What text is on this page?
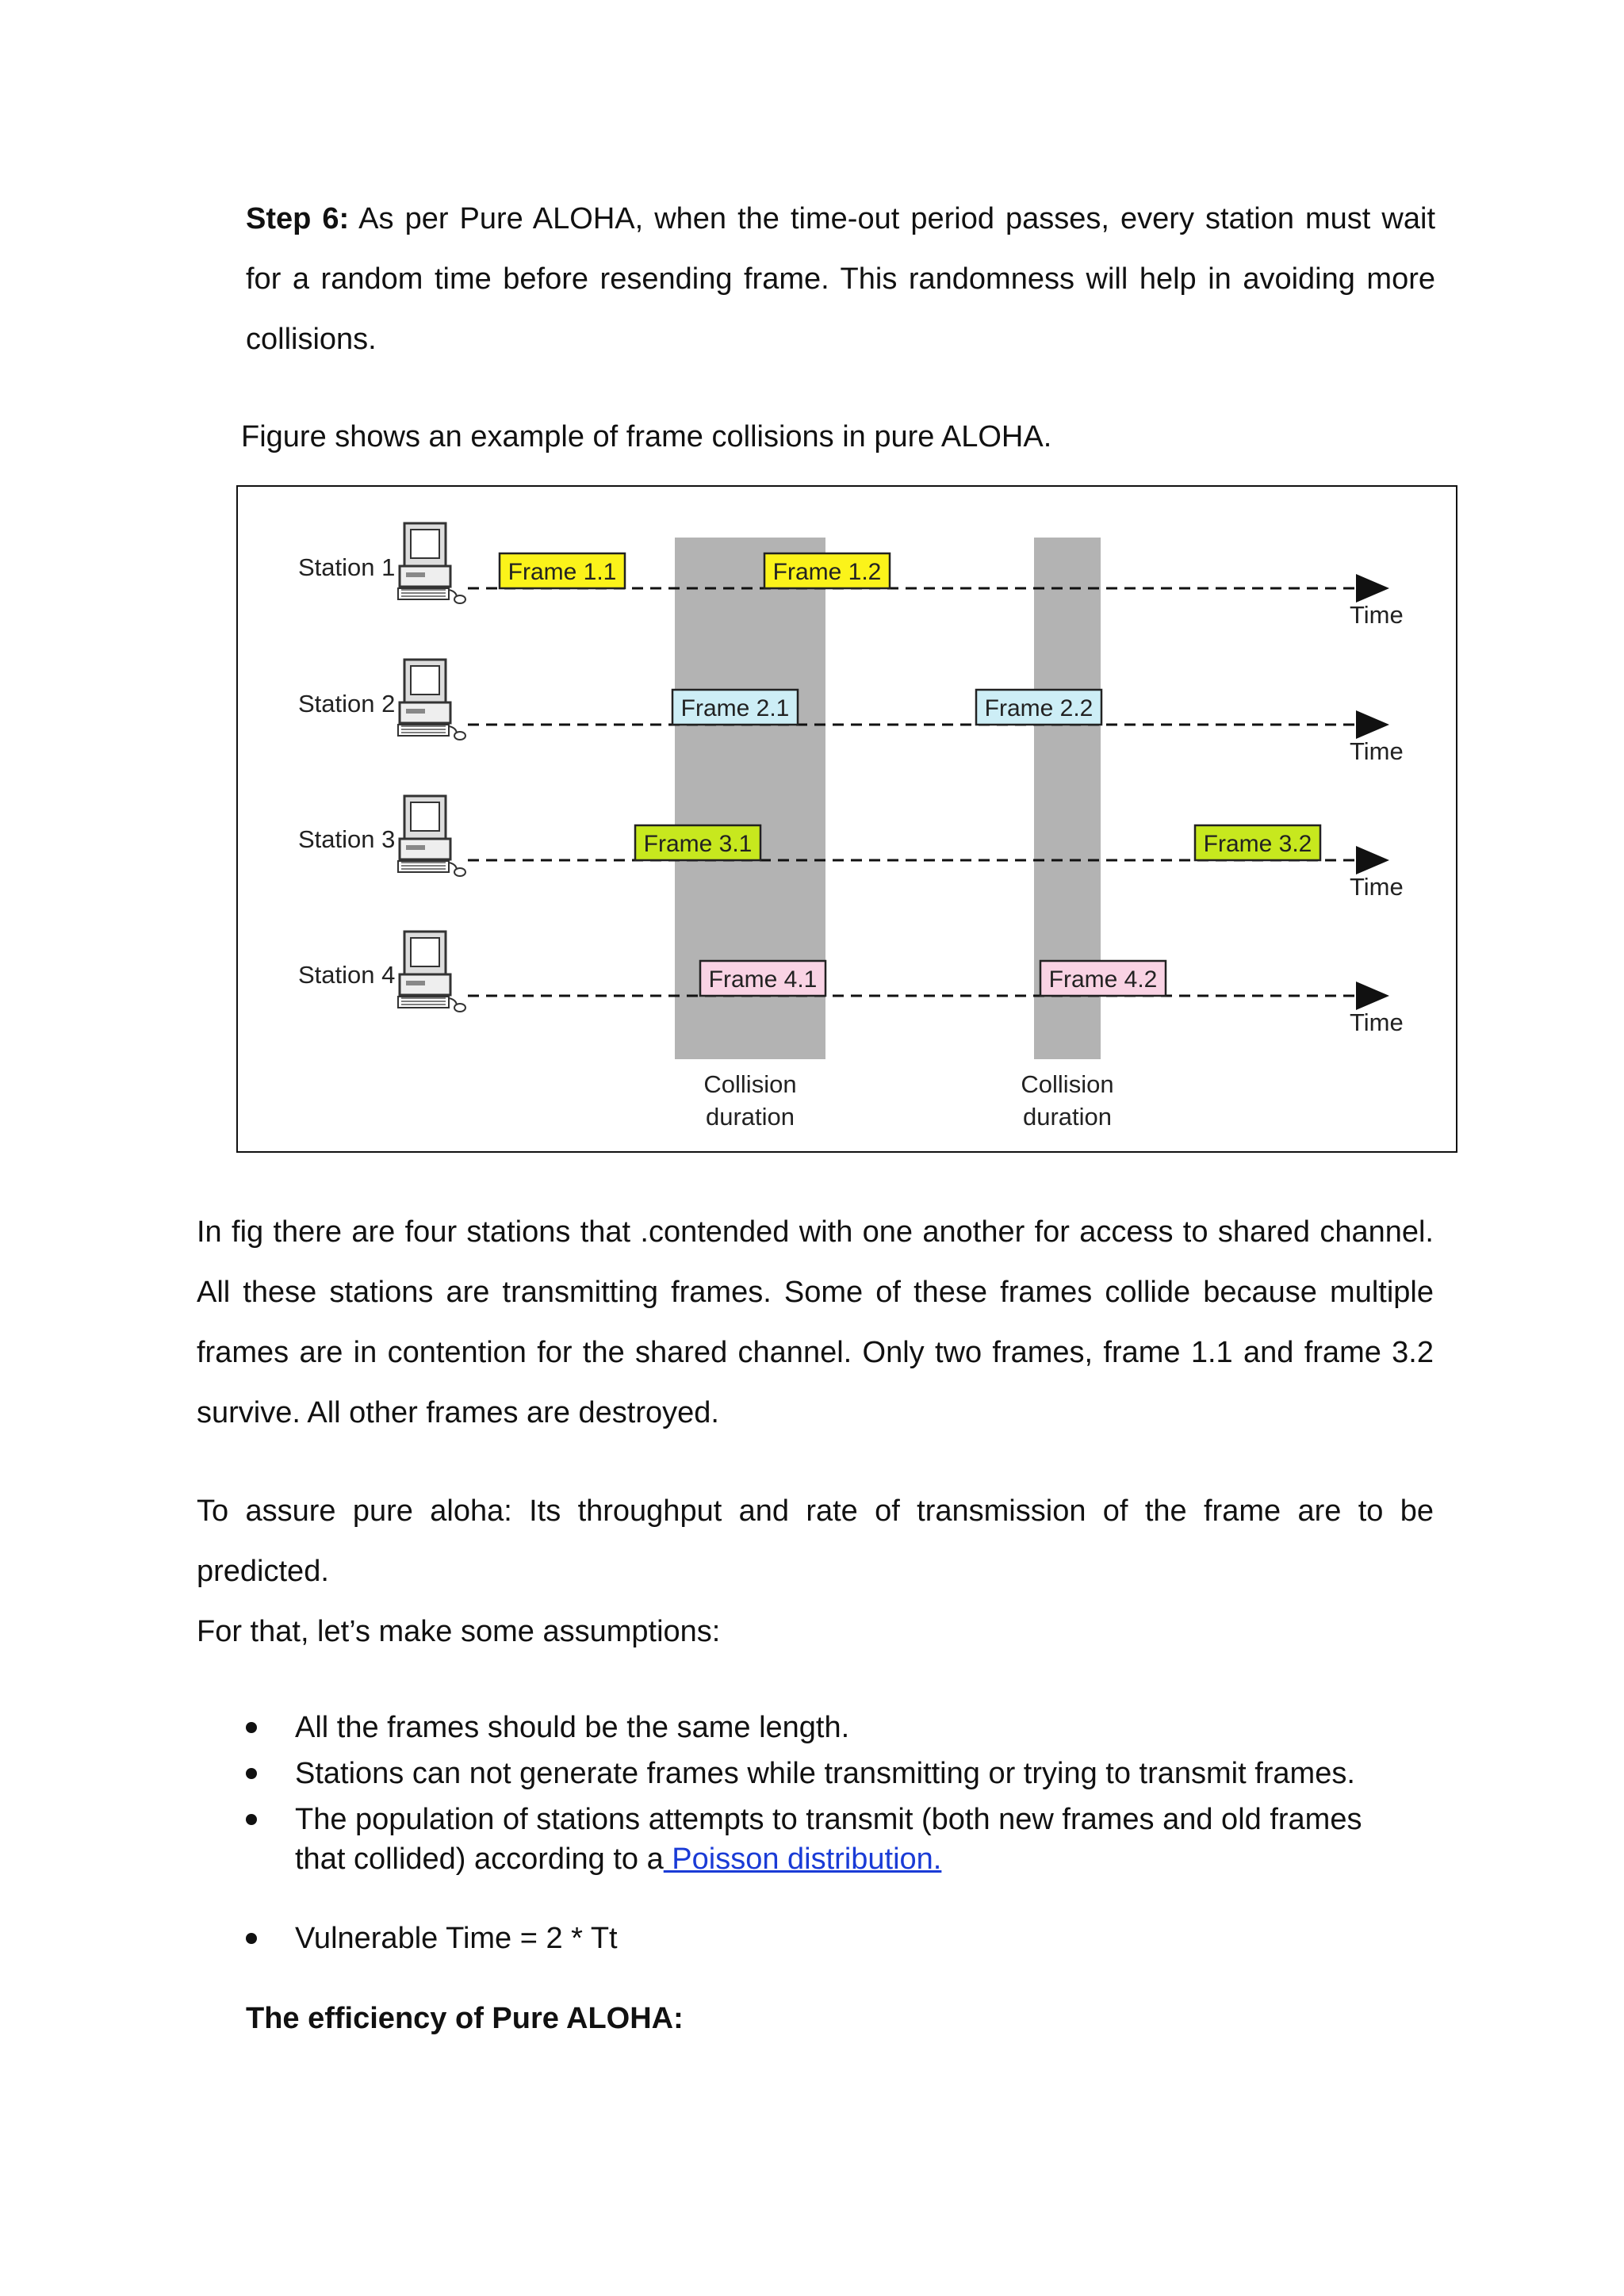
Step 6: As per Pure ALOHA, when the time-out period passes, every station must wait
for a random time before resending frame. This randomness will help in avoiding more
collisions.
Figure shows an example of frame collisions in pure ALOHA.
Station 1
Time
Frame 1.1	Frame 1.2
Station 2
Time
Frame 2.1	Frame 2.2
Station 3
Time
Frame 3.1	Frame 3.2
Station 4
Time
Frame 4.1	Frame 4.2
Collision
duration
Collision
duration
In fig there are four stations that .contended with one another for access to shared channel.
All these stations are transmitting frames. Some of these frames collide because multiple
frames are in contention for the shared channel. Only two frames, frame 1.1 and frame 3.2
survive. All other frames are destroyed.
To assure pure aloha: Its throughput and rate of transmission of the frame are to be
predicted.
For that, let’s make some assumptions:
All the frames should be the same length.
Stations can not generate frames while transmitting or trying to transmit frames.
The population of stations attempts to transmit (both new frames and old frames
that collided) according to a Poisson distribution.
Vulnerable Time = 2 * Tt
The efficiency of Pure ALOHA:
